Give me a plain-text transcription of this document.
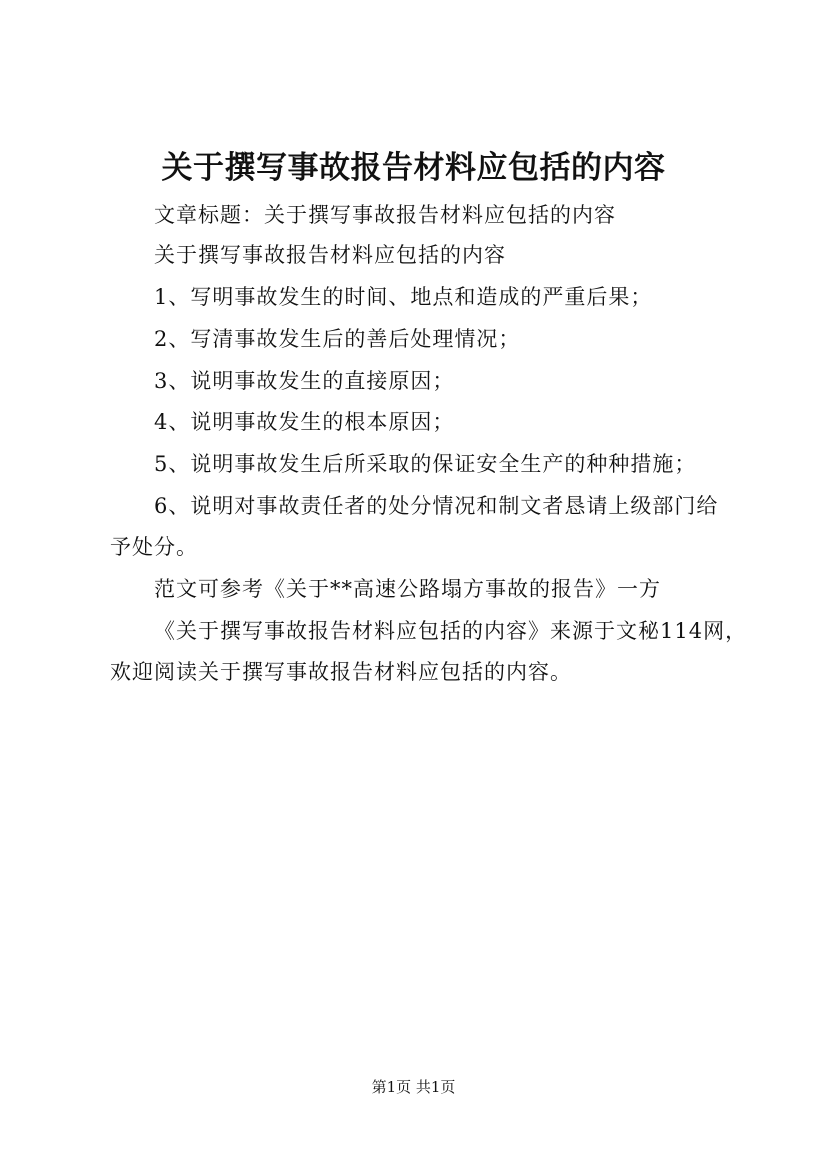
关于撰写事故报告材料应包括的内容
文章标题：关于撰写事故报告材料应包括的内容
关于撰写事故报告材料应包括的内容
1、写明事故发生的时间、地点和造成的严重后果；
2、写清事故发生后的善后处理情况；
3、说明事故发生的直接原因；
4、说明事故发生的根本原因；
5、说明事故发生后所采取的保证安全生产的种种措施；
6、说明对事故责任者的处分情况和制文者恳请上级部门给
予处分。
范文可参考《关于**高速公路塌方事故的报告》一方
《关于撰写事故报告材料应包括的内容》来源于文秘114网，
欢迎阅读关于撰写事故报告材料应包括的内容。
第1页 共1页
